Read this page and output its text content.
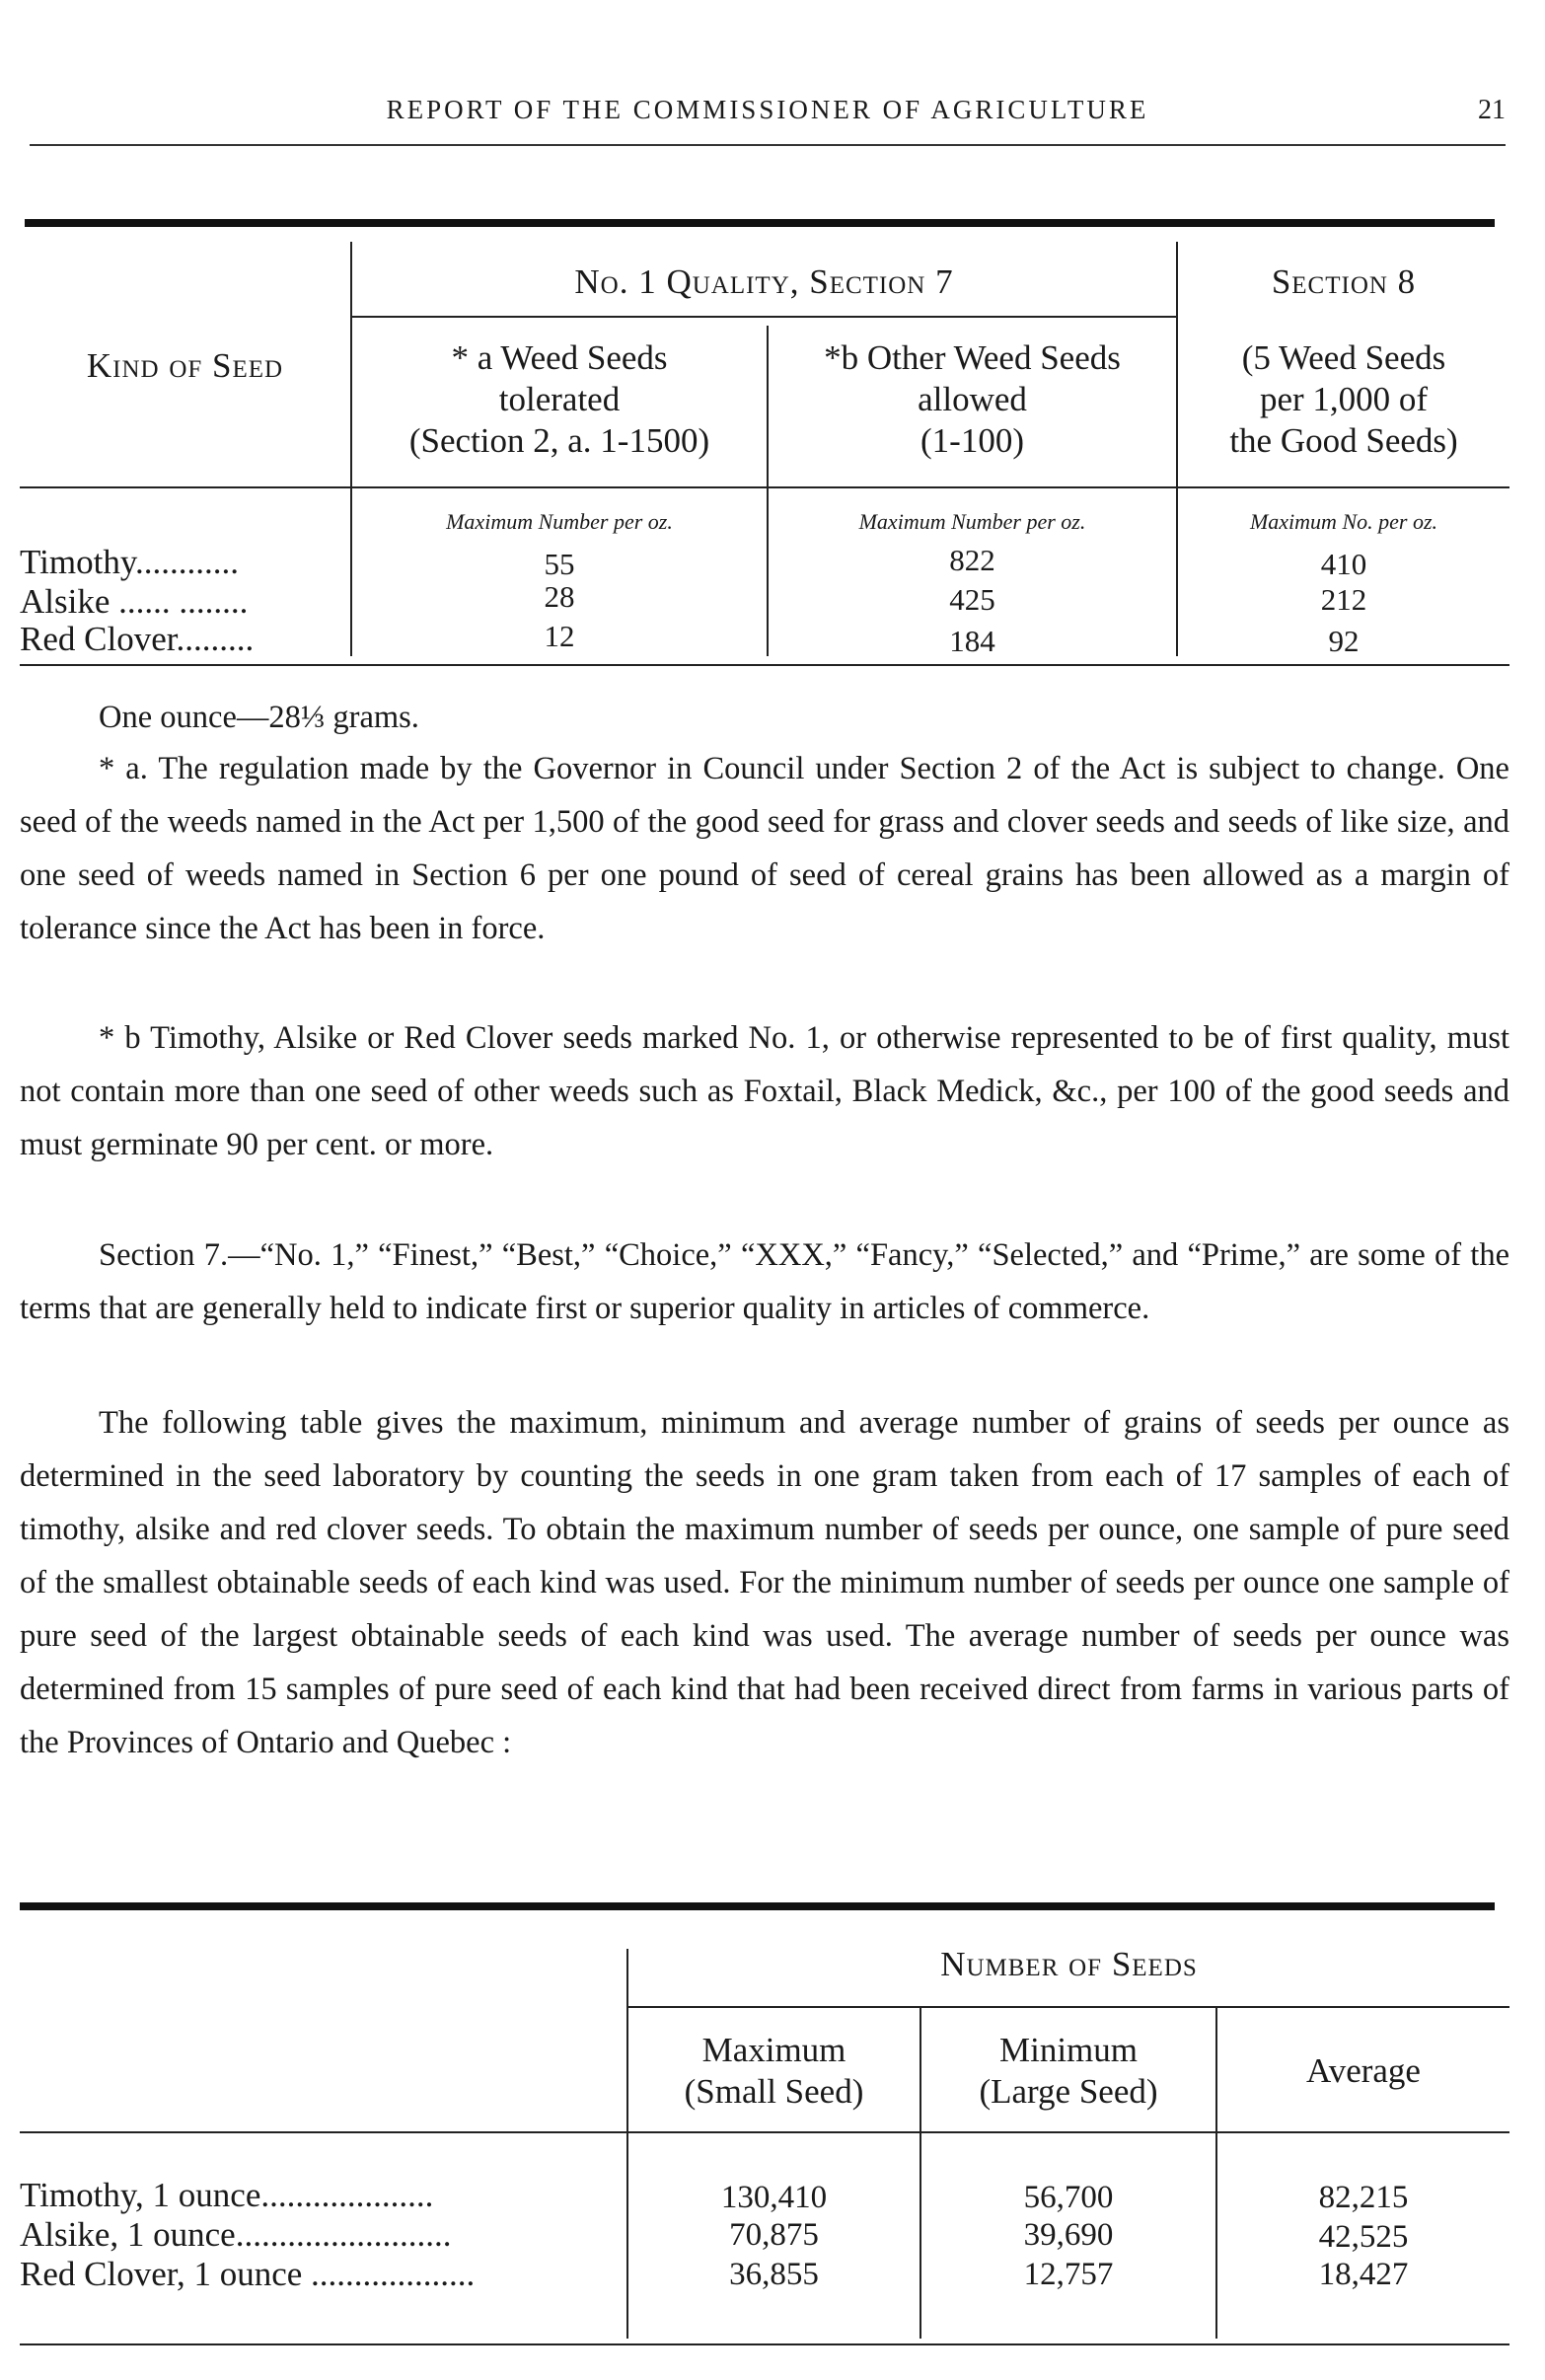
REPORT OF THE COMMISSIONER OF AGRICULTURE	21
Kind of Seed
No. 1 Quality, Section 7	Section 8
* a Weed Seeds
tolerated
(Section 2, a. 1-1500)
*b Other Weed Seeds
allowed
(1-100)
(5 Weed Seeds
per 1,000 of
the Good Seeds)
Maximum Number per oz.	Maximum Number per oz.	Maximum No. per oz.
Timothy............	55	822	410
Alsike ...... ........	28	425	212
Red Clover.........	12	184	92

One ounce—28⅓ grams.

* a. The regulation made by the Governor in Council under Section 2 of the Act is subject to change. One seed of the weeds named in the Act per 1,500 of the good seed for grass and clover seeds and seeds of like size, and one seed of weeds named in Section 6 per one pound of seed of cereal grains has been allowed as a margin of tolerance since the Act has been in force.

* b Timothy, Alsike or Red Clover seeds marked No. 1, or otherwise represented to be of first quality, must not contain more than one seed of other weeds such as Foxtail, Black Medick, &c., per 100 of the good seeds and must germinate 90 per cent. or more.

Section 7.—“No. 1,” “Finest,” “Best,” “Choice,” “XXX,” “Fancy,” “Selected,” and “Prime,” are some of the terms that are generally held to indicate first or superior quality in articles of commerce.

The following table gives the maximum, minimum and average number of grains of seeds per ounce as determined in the seed laboratory by counting the seeds in one gram taken from each of 17 samples of each of timothy, alsike and red clover seeds. To obtain the maximum number of seeds per ounce, one sample of pure seed of the smallest obtainable seeds of each kind was used. For the minimum number of seeds per ounce one sample of pure seed of the largest obtainable seeds of each kind was used. The average number of seeds per ounce was determined from 15 samples of pure seed of each kind that had been received direct from farms in various parts of the Provinces of Ontario and Quebec :

Number of Seeds
Maximum
(Small Seed)
Minimum
(Large Seed)
Average
Timothy, 1 ounce....................	130,410	56,700	82,215
Alsike, 1 ounce.........................	70,875	39,690	42,525
Red Clover, 1 ounce ...................	36,855	12,757	18,427
